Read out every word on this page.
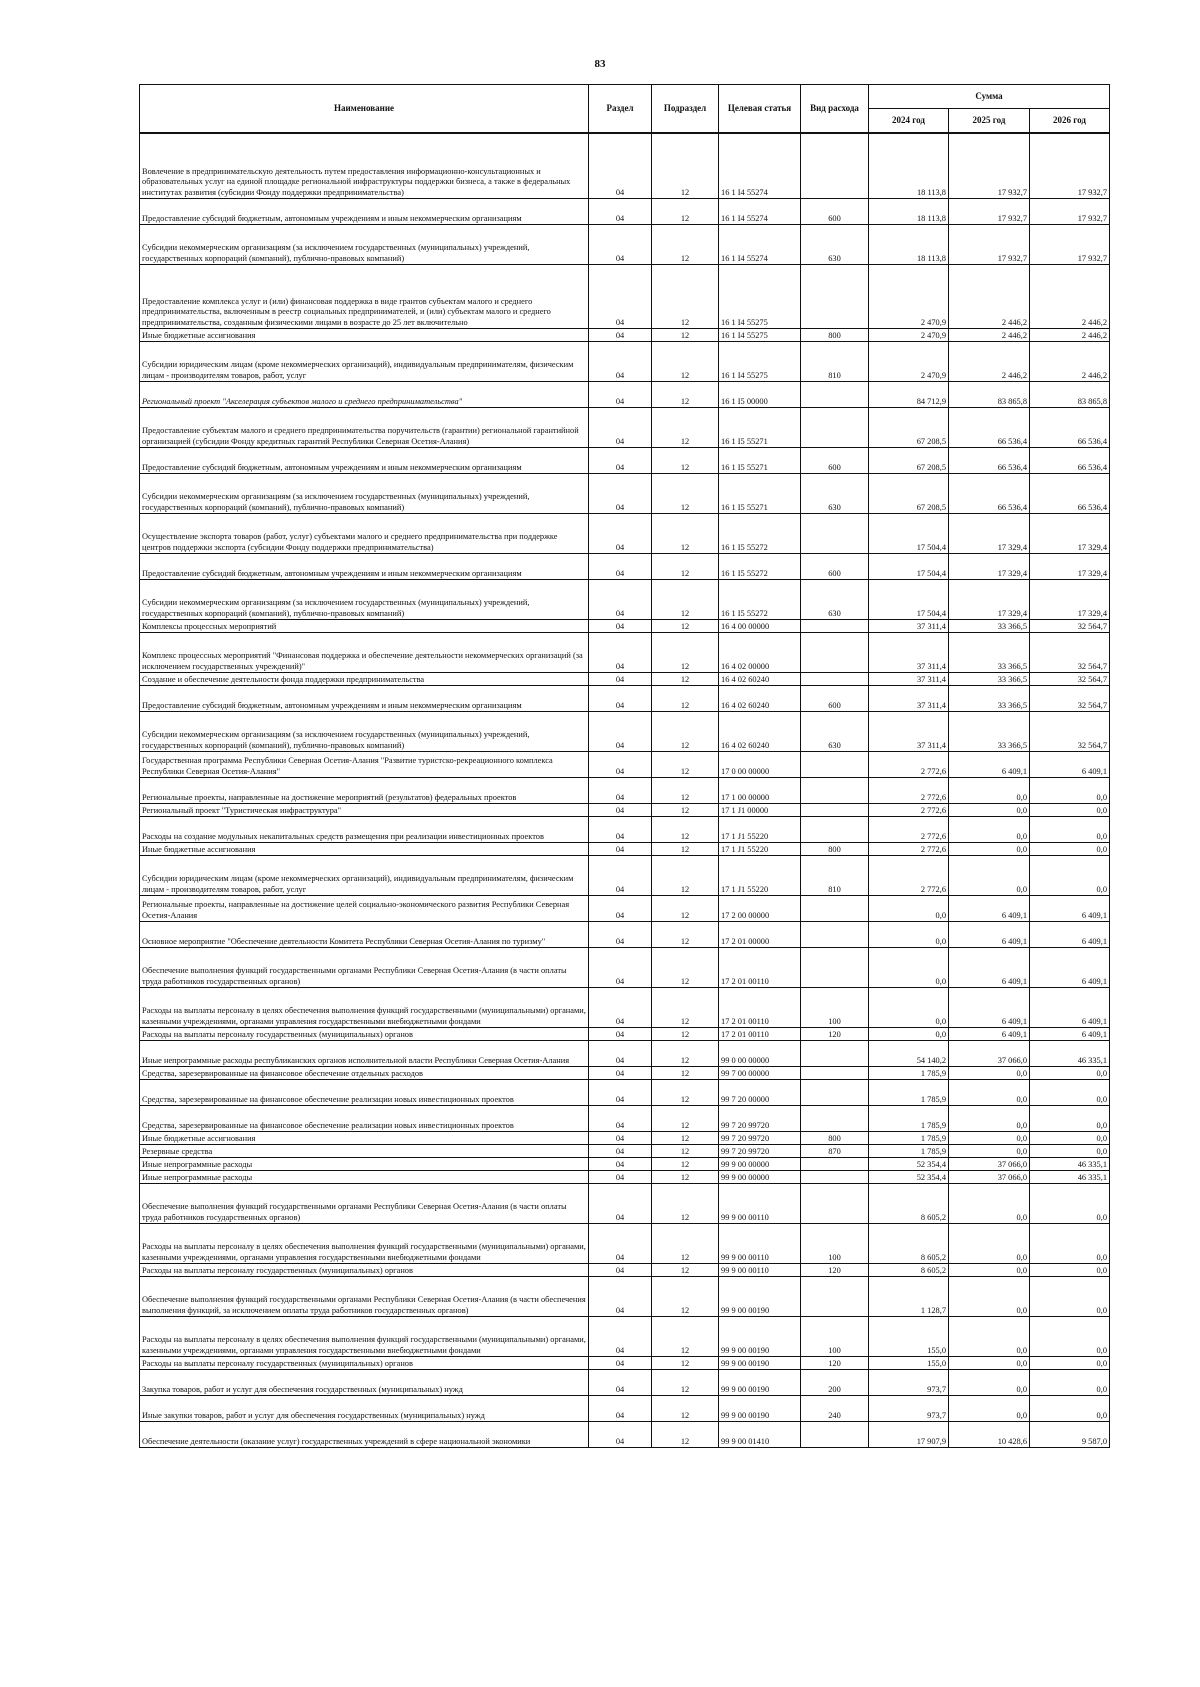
83
Наименование	Раздел	Подраздел	Целевая статья	Вид расхода	Сумма		
					2024 год	2025 год	2026 год
Вовлечение в предпринимательскую деятельность путем предоставления информационно-консультационных и образовательных услуг на единой площадке региональной инфраструктуры поддержки бизнеса, а также в федеральных институтах развития (субсидии Фонду поддержки предпринимательства)	04	12	16 1 I4 55274		18 113,8	17 932,7	17 932,7
Предоставление субсидий бюджетным, автономным учреждениям и иным некоммерческим организациям	04	12	16 1 I4 55274	600	18 113,8	17 932,7	17 932,7
Субсидии некоммерческим организациям (за исключением государственных (муниципальных) учреждений, государственных корпораций (компаний), публично-правовых компаний)	04	12	16 1 I4 55274	630	18 113,8	17 932,7	17 932,7
Предоставление комплекса услуг и (или) финансовая поддержка в виде грантов субъектам малого и среднего предпринимательства, включенным в реестр социальных предпринимателей, и (или) субъектам малого и среднего предпринимательства, созданным физическими лицами в возрасте до 25 лет включительно	04	12	16 1 I4 55275		2 470,9	2 446,2	2 446,2
Иные бюджетные ассигнования	04	12	16 1 I4 55275	800	2 470,9	2 446,2	2 446,2
Субсидии юридическим лицам (кроме некоммерческих организаций), индивидуальным предпринимателям, физическим лицам - производителям товаров, работ, услуг	04	12	16 1 I4 55275	810	2 470,9	2 446,2	2 446,2
Региональный проект "Акселерация субъектов малого и среднего предпринимательства"	04	12	16 1 I5 00000		84 712,9	83 865,8	83 865,8
Предоставление субъектам малого и среднего предпринимательства поручительств (гарантии) региональной гарантийной организацией (субсидии Фонду кредитных гарантий Республики Северная Осетия-Алания)	04	12	16 1 I5 55271		67 208,5	66 536,4	66 536,4
Предоставление субсидий бюджетным, автономным учреждениям и иным некоммерческим организациям	04	12	16 1 I5 55271	600	67 208,5	66 536,4	66 536,4
Субсидии некоммерческим организациям (за исключением государственных (муниципальных) учреждений, государственных корпораций (компаний), публично-правовых компаний)	04	12	16 1 I5 55271	630	67 208,5	66 536,4	66 536,4
Осуществление экспорта товаров (работ, услуг) субъектами малого и среднего предпринимательства при поддержке центров поддержки экспорта (субсидии Фонду поддержки предпринимательства)	04	12	16 1 I5 55272		17 504,4	17 329,4	17 329,4
Предоставление субсидий бюджетным, автономным учреждениям и иным некоммерческим организациям	04	12	16 1 I5 55272	600	17 504,4	17 329,4	17 329,4
Субсидии некоммерческим организациям (за исключением государственных (муниципальных) учреждений, государственных корпораций (компаний), публично-правовых компаний)	04	12	16 1 I5 55272	630	17 504,4	17 329,4	17 329,4
Комплексы процессных мероприятий	04	12	16 4 00 00000		37 311,4	33 366,5	32 564,7
Комплекс процессных мероприятий "Финансовая поддержка и обеспечение деятельности некоммерческих организаций (за исключением государственных учреждений)"	04	12	16 4 02 00000		37 311,4	33 366,5	32 564,7
Создание и обеспечение деятельности фонда поддержки предпринимательства	04	12	16 4 02 60240		37 311,4	33 366,5	32 564,7
Предоставление субсидий бюджетным, автономным учреждениям и иным некоммерческим организациям	04	12	16 4 02 60240	600	37 311,4	33 366,5	32 564,7
Субсидии некоммерческим организациям (за исключением государственных (муниципальных) учреждений, государственных корпораций (компаний), публично-правовых компаний)	04	12	16 4 02 60240	630	37 311,4	33 366,5	32 564,7
Государственная программа Республики Северная Осетия-Алания "Развитие туристско-рекреационного комплекса Республики Северная Осетия-Алания"	04	12	17 0 00 00000		2 772,6	6 409,1	6 409,1
Региональные проекты, направленные на достижение мероприятий (результатов) федеральных проектов	04	12	17 1 00 00000		2 772,6	0,0	0,0
Региональный проект "Туристическая инфраструктура"	04	12	17 1 J1 00000		2 772,6	0,0	0,0
Расходы на создание модульных некапитальных средств размещения при реализации инвестиционных проектов	04	12	17 1 J1 55220		2 772,6	0,0	0,0
Иные бюджетные ассигнования	04	12	17 1 J1 55220	800	2 772,6	0,0	0,0
Субсидии юридическим лицам (кроме некоммерческих организаций), индивидуальным предпринимателям, физическим лицам - производителям товаров, работ, услуг	04	12	17 1 J1 55220	810	2 772,6	0,0	0,0
Региональные проекты, направленные на достижение целей социально-экономического развития Республики Северная Осетия-Алания	04	12	17 2 00 00000		0,0	6 409,1	6 409,1
Основное мероприятие "Обеспечение деятельности Комитета Республики Северная Осетия-Алания по туризму"	04	12	17 2 01 00000		0,0	6 409,1	6 409,1
Обеспечение выполнения функций государственными органами Республики Северная Осетия-Алания (в части оплаты труда работников государственных органов)	04	12	17 2 01 00110		0,0	6 409,1	6 409,1
Расходы на выплаты персоналу в целях обеспечения выполнения функций государственными (муниципальными) органами, казенными учреждениями, органами управления государственными внебюджетными фондами	04	12	17 2 01 00110	100	0,0	6 409,1	6 409,1
Расходы на выплаты персоналу государственных (муниципальных) органов	04	12	17 2 01 00110	120	0,0	6 409,1	6 409,1
Иные непрограммные расходы республиканских органов исполнительной власти Республики Северная Осетия-Алания	04	12	99 0 00 00000		54 140,2	37 066,0	46 335,1
Средства, зарезервированные на финансовое обеспечение отдельных расходов	04	12	99 7 00 00000		1 785,9	0,0	0,0
Средства, зарезервированные на финансовое обеспечение реализации новых инвестиционных проектов	04	12	99 7 20 00000		1 785,9	0,0	0,0
Средства, зарезервированные на финансовое обеспечение реализации новых инвестиционных проектов	04	12	99 7 20 99720		1 785,9	0,0	0,0
Иные бюджетные ассигнования	04	12	99 7 20 99720	800	1 785,9	0,0	0,0
Резервные средства	04	12	99 7 20 99720	870	1 785,9	0,0	0,0
Иные непрограммные расходы	04	12	99 9 00 00000		52 354,4	37 066,0	46 335,1
Иные непрограммные расходы	04	12	99 9 00 00000		52 354,4	37 066,0	46 335,1
Обеспечение выполнения функций государственными органами Республики Северная Осетия-Алания (в части оплаты труда работников государственных органов)	04	12	99 9 00 00110		8 605,2	0,0	0,0
Расходы на выплаты персоналу в целях обеспечения выполнения функций государственными (муниципальными) органами, казенными учреждениями, органами управления государственными внебюджетными фондами	04	12	99 9 00 00110	100	8 605,2	0,0	0,0
Расходы на выплаты персоналу государственных (муниципальных) органов	04	12	99 9 00 00110	120	8 605,2	0,0	0,0
Обеспечение выполнения функций государственными органами Республики Северная Осетия-Алания (в части обеспечения выполнения функций, за исключением оплаты труда работников государственных органов)	04	12	99 9 00 00190		1 128,7	0,0	0,0
Расходы на выплаты персоналу в целях обеспечения выполнения функций государственными (муниципальными) органами, казенными учреждениями, органами управления государственными внебюджетными фондами	04	12	99 9 00 00190	100	155,0	0,0	0,0
Расходы на выплаты персоналу государственных (муниципальных) органов	04	12	99 9 00 00190	120	155,0	0,0	0,0
Закупка товаров, работ и услуг для обеспечения государственных (муниципальных) нужд	04	12	99 9 00 00190	200	973,7	0,0	0,0
Иные закупки товаров, работ и услуг для обеспечения государственных (муниципальных) нужд	04	12	99 9 00 00190	240	973,7	0,0	0,0
Обеспечение деятельности (оказание услуг) государственных учреждений в сфере национальной экономики	04	12	99 9 00 01410		17 907,9	10 428,6	9 587,0
